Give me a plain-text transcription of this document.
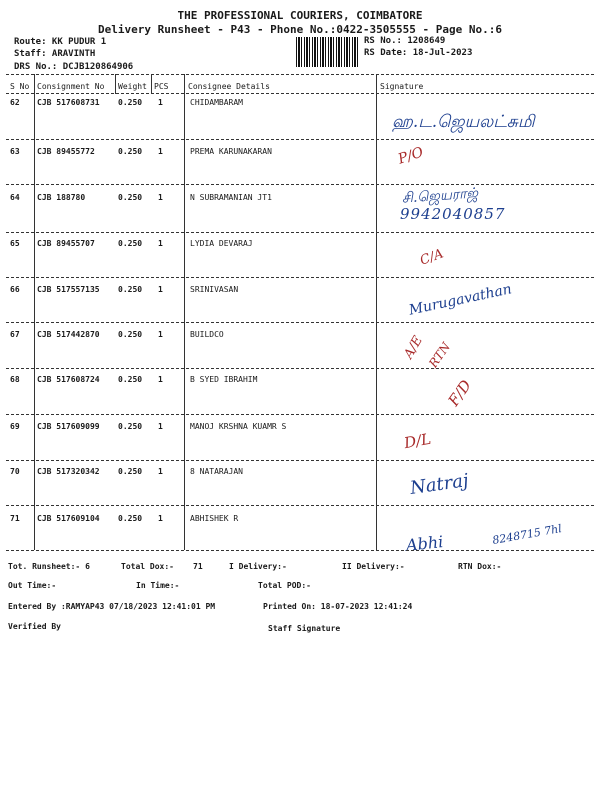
THE PROFESSIONAL COURIERS, COIMBATORE
Delivery Runsheet - P43 - Phone No.:0422-3505555 - Page No.:6
Route: KK PUDUR 1
Staff: ARAVINTH
DRS No.: DCJB120864906
RS No.: 1208649
RS Date: 18-Jul-2023
S No Consignment No Weight PCS Consignee Details	Signature
62 CJB 517608731 0.250 1	CHIDAMBARAM
ஹ.ட.ஜெயலட்சுமி
63 CJB 89455772	0.250 1	PREMA KARUNAKARAN	P/O
64 CJB 188780	0.250 1	N SUBRAMANIAN JT1	சி.ஜெயராஜ்
9942040857
65 CJB 89455707	0.250 1	LYDIA DEVARAJ
C/A
66 CJB 517557135 0.250 1	SRINIVASAN	Murugavathan
67 CJB 517442870 0.250 1	BUILDCO	A/E RTN
68 CJB 517608724 0.250 1	B SYED IBRAHIM	F/D
69 CJB 517609099 0.250 1	MANOJ KRSHNA KUAMR S
D/L
70 CJB 517320342 0.250 1	8 NATARAJAN	Natraj
71 CJB 517609104 0.250 1	ABHISHEK R
Abhi	8248715 7hl
Tot. Runsheet:- 6	Total Dox:- 71	I Delivery:-	II Delivery:-	RTN Dox:-
Out Time:-	In Time:-	Total POD:-
Entered By :RAMYAP43 07/18/2023 12:41:01 PM	Printed On: 18-07-2023 12:41:24
Verified By	Staff Signature
